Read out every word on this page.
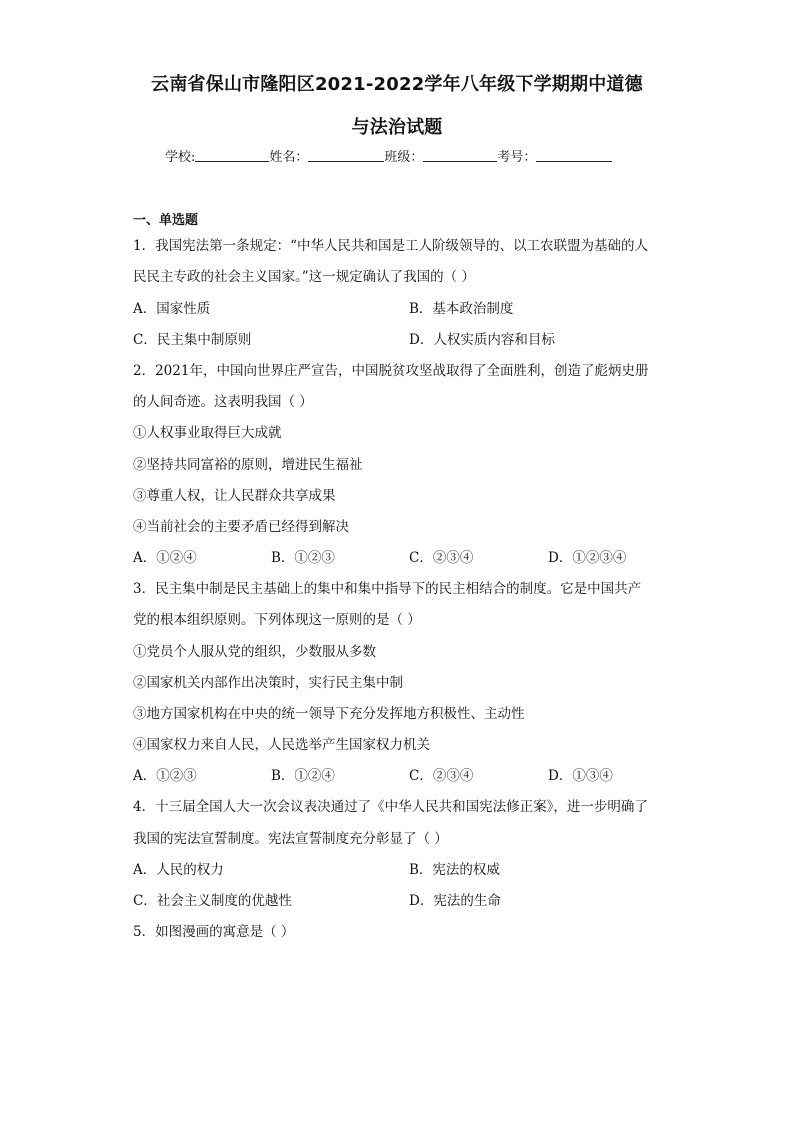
云南省保山市隆阳区2021-2022学年八年级下学期期中道德
与法治试题
学校:	姓名：	班级：	考号：
一、单选题
1．我国宪法第一条规定：“中华人民共和国是工人阶级领导的、以工农联盟为基础的人
民民主专政的社会主义国家。”这一规定确认了我国的（ ）
A．国家性质	B．基本政治制度
C．民主集中制原则	D．人权实质内容和目标
2．2021年，中国向世界庄严宣告，中国脱贫攻坚战取得了全面胜利，创造了彪炳史册
的人间奇迹。这表明我国（ ）
①人权事业取得巨大成就
②坚持共同富裕的原则，增进民生福祉
③尊重人权，让人民群众共享成果
④当前社会的主要矛盾已经得到解决
A．①②④	B．①②③	C．②③④	D．①②③④
3．民主集中制是民主基础上的集中和集中指导下的民主相结合的制度。它是中国共产
党的根本组织原则。下列体现这一原则的是（ ）
①党员个人服从党的组织，少数服从多数
②国家机关内部作出决策时，实行民主集中制
③地方国家机构在中央的统一领导下充分发挥地方积极性、主动性
④国家权力来自人民，人民选举产生国家权力机关
A．①②③	B．①②④	C．②③④	D．①③④
4．十三届全国人大一次会议表决通过了《中华人民共和国宪法修正案》，进一步明确了
我国的宪法宣誓制度。宪法宣誓制度充分彰显了（ ）
A．人民的权力	B．宪法的权威
C．社会主义制度的优越性	D．宪法的生命
5．如图漫画的寓意是（ ）
